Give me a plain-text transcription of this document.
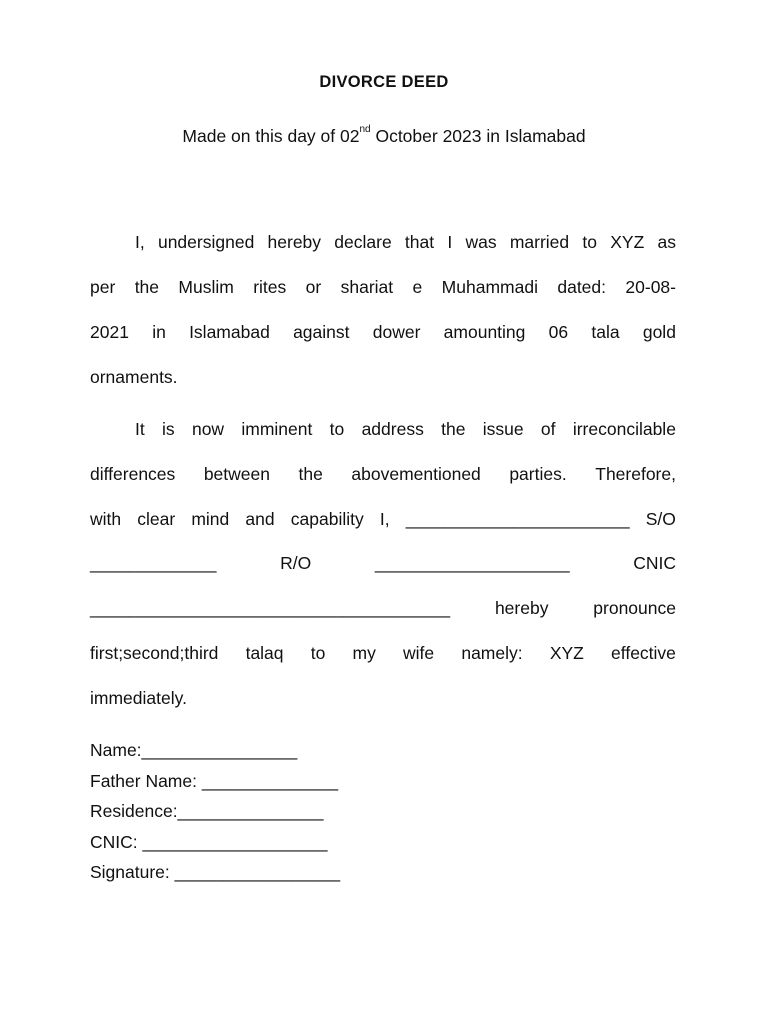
DIVORCE DEED
Made on this day of 02nd October 2023 in Islamabad
I, undersigned hereby declare that I was married to XYZ as
per the Muslim rites or shariat e Muhammadi dated: 20-08-
2021 in Islamabad against dower amounting 06 tala gold
ornaments.
It is now imminent to address the issue of irreconcilable
differences between the abovementioned parties. Therefore,
with clear mind and capability I, _______________________ S/O
_____________	R/O	____________________	CNIC
_____________________________________	hereby	pronounce
first;second;third talaq to my wife namely: XYZ effective
immediately.
Name:________________
Father Name: ______________
Residence:_______________
CNIC: ___________________
Signature: _________________
